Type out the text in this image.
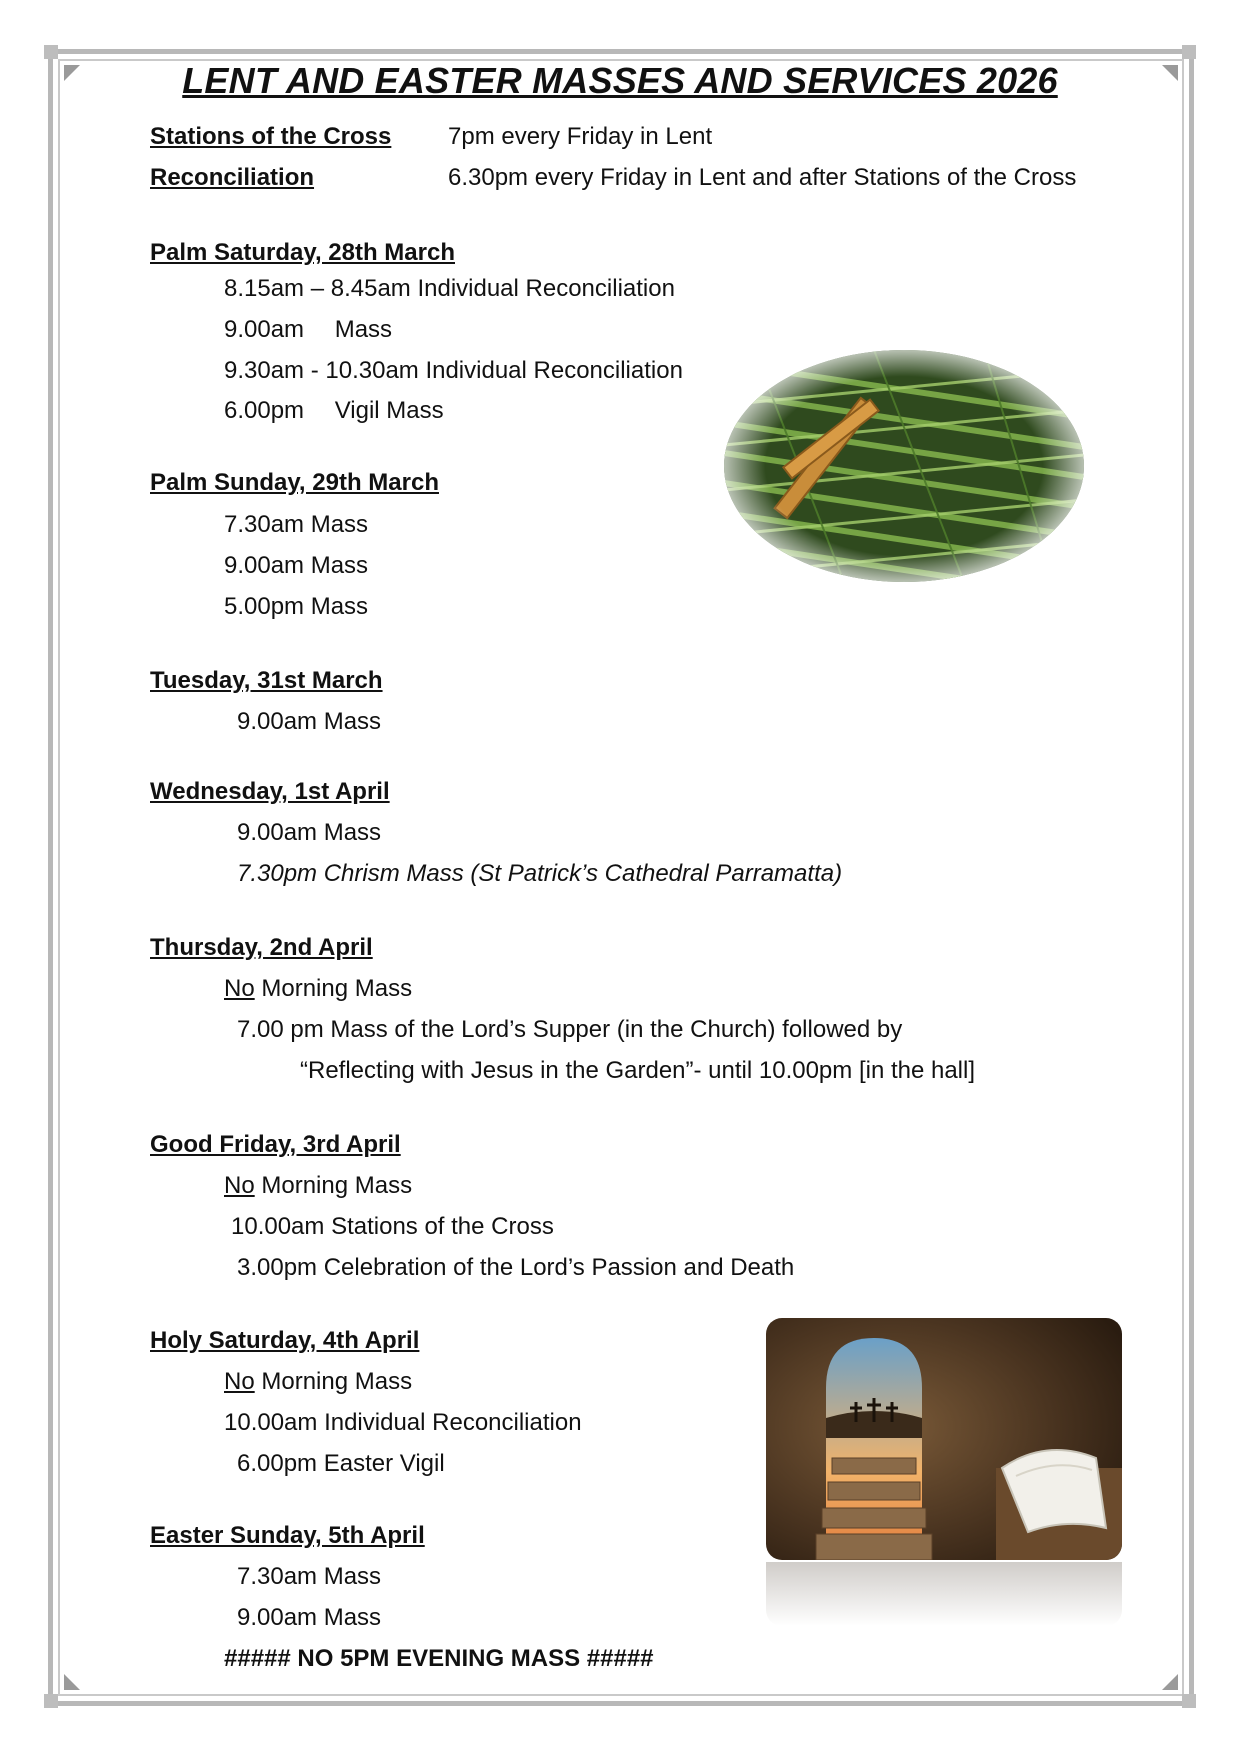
LENT AND EASTER MASSES AND SERVICES 2026
Stations of the Cross 7pm every Friday in Lent
Reconciliation	6.30pm every Friday in Lent and after Stations of the Cross
Palm Saturday, 28th March
8.15am – 8.45am Individual Reconciliation
9.00am  Mass
9.30am - 10.30am Individual Reconciliation
6.00pm  Vigil Mass
Palm Sunday, 29th March
7.30am Mass
9.00am Mass
5.00pm Mass
Tuesday, 31st March
9.00am Mass
Wednesday, 1st April
9.00am Mass
7.30pm Chrism Mass (St Patrick’s Cathedral Parramatta)
Thursday, 2nd April
No Morning Mass
7.00 pm Mass of the Lord’s Supper (in the Church) followed by
“Reflecting with Jesus in the Garden”- until 10.00pm [in the hall]
Good Friday, 3rd April
No Morning Mass
10.00am Stations of the Cross
3.00pm Celebration of the Lord’s Passion and Death
Holy Saturday, 4th April
No Morning Mass
10.00am Individual Reconciliation
6.00pm Easter Vigil
Easter Sunday, 5th April
7.30am Mass
9.00am Mass
##### NO 5PM EVENING MASS #####
